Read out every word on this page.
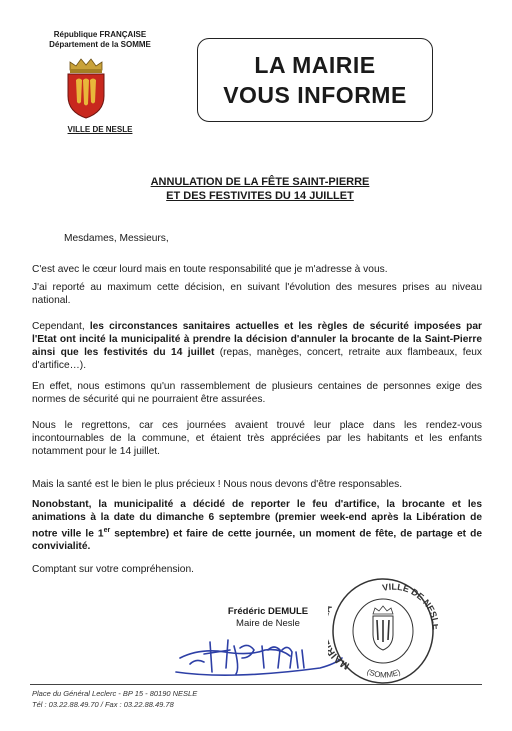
République FRANÇAISE
Département de la SOMME
VILLE DE NESLE
LA MAIRIE
VOUS INFORME
ANNULATION DE LA FÊTE SAINT-PIERRE
ET DES FESTIVITES DU 14 JUILLET
Mesdames, Messieurs,
C'est avec le cœur lourd mais en toute responsabilité que je m'adresse à vous.
J'ai reporté au maximum cette décision, en suivant l'évolution des mesures prises au niveau national.
Cependant, les circonstances sanitaires actuelles et les règles de sécurité imposées par l'Etat ont incité la municipalité à prendre la décision d'annuler la brocante de la Saint-Pierre ainsi que les festivités du 14 juillet (repas, manèges, concert, retraite aux flambeaux, feux d'artifice…).
En effet, nous estimons qu'un rassemblement de plusieurs centaines de personnes exige des normes de sécurité qui ne pourraient être assurées.
Nous le regrettons, car ces journées avaient trouvé leur place dans les rendez-vous incontournables de la commune, et étaient très appréciées par les habitants et les enfants notamment pour le 14 juillet.
Mais la santé est le bien le plus précieux ! Nous nous devons d'être responsables.
Nonobstant, la municipalité a décidé de reporter le feu d'artifice, la brocante et les animations à la date du dimanche 6 septembre (premier week-end après la Libération de notre ville le 1er septembre) et faire de cette journée, un moment de fête, de partage et de convivialité.
Comptant sur votre compréhension.
Frédéric DEMULE
Maire de Nesle
MAI
VILLE DE NES
(SOMME)
Place du Général Leclerc - BP 15 - 80190 NESLE
Tél : 03.22.88.49.70 / Fax : 03.22.88.49.78
